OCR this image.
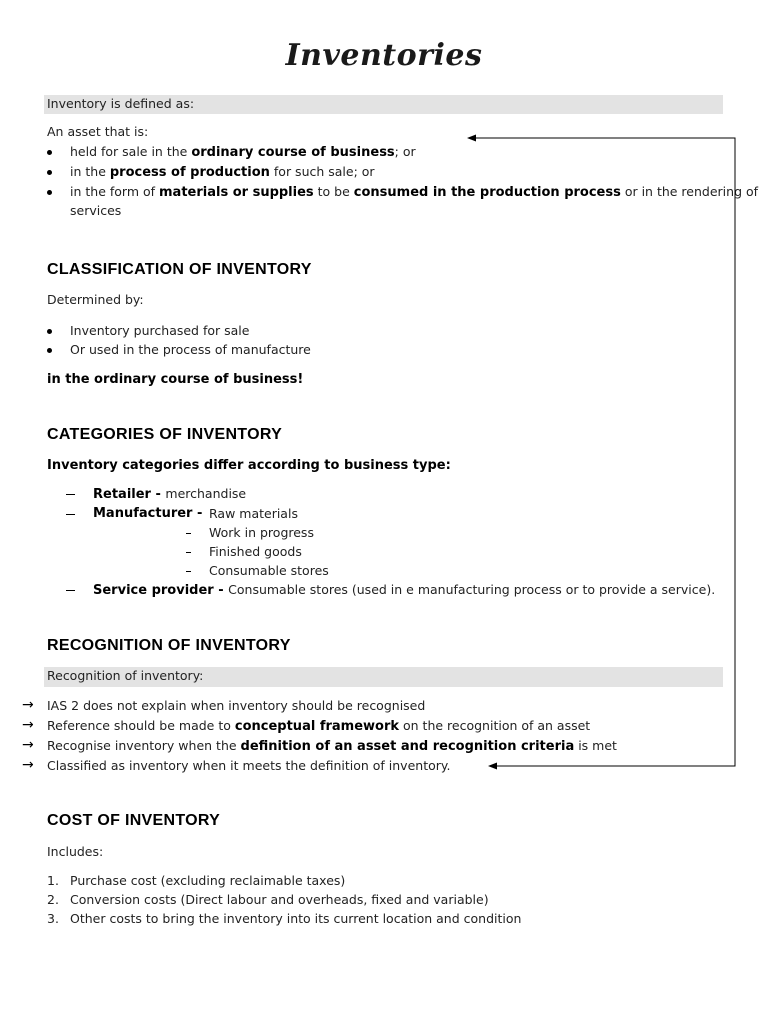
Inventories
Inventory is defined as:
An asset that is:
held for sale in the ordinary course of business; or
in the process of production for such sale; or
in the form of materials or supplies to be consumed in the production process or in the rendering of
services
CLASSIFICATION OF INVENTORY
Determined by:
Inventory purchased for sale
Or used in the process of manufacture
in the ordinary course of business!
CATEGORIES OF INVENTORY
Inventory categories differ according to business type:
Retailer - merchandise
Manufacturer - Raw materials
Work in progress
Finished goods
Consumable stores
Service provider - Consumable stores (used in e manufacturing process or to provide a service).
RECOGNITION OF INVENTORY
Recognition of inventory:
→ IAS 2 does not explain when inventory should be recognised
→ Reference should be made to conceptual framework on the recognition of an asset
→ Recognise inventory when the definition of an asset and recognition criteria is met
→ Classified as inventory when it meets the definition of inventory.
COST OF INVENTORY
Includes:
1. Purchase cost (excluding reclaimable taxes)
2. Conversion costs (Direct labour and overheads, fixed and variable)
3. Other costs to bring the inventory into its current location and condition
